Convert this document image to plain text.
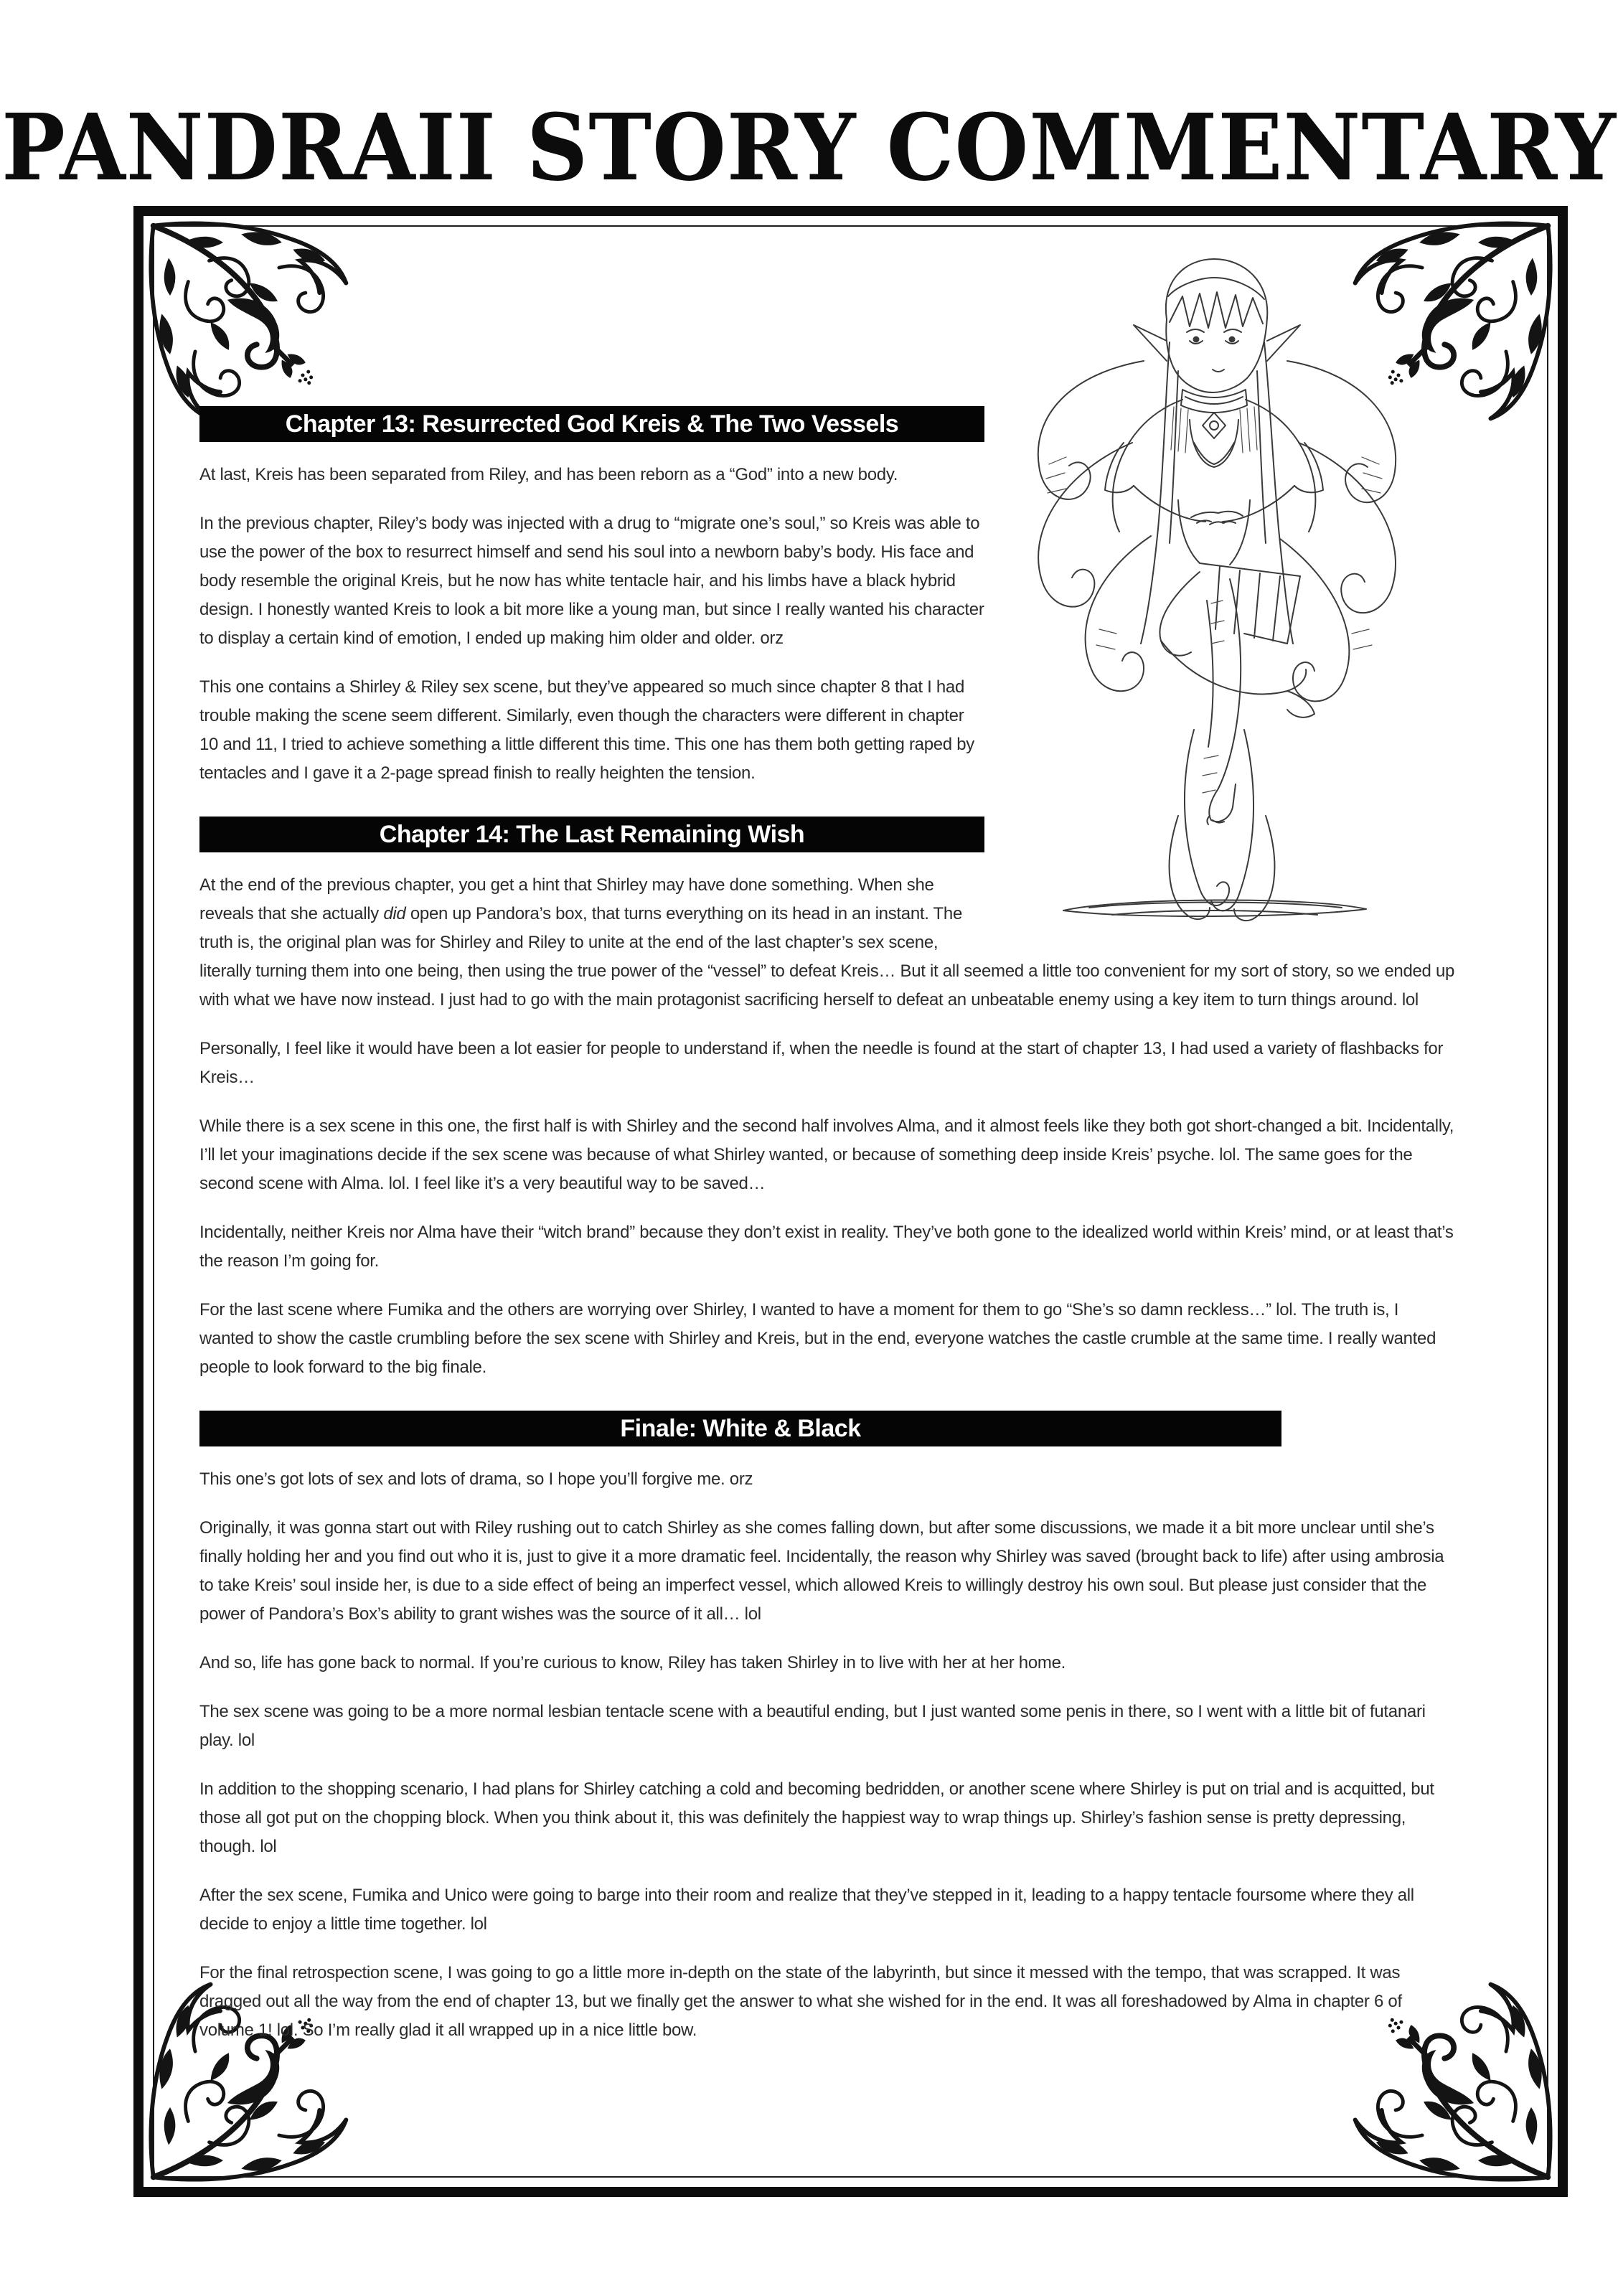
PANDRAII STORY COMMENTARY
Chapter 13: Resurrected God Kreis & The Two Vessels

At last, Kreis has been separated from Riley, and has been reborn as a “God” into a new body.

In the previous chapter, Riley’s body was injected with a drug to “migrate one’s soul,” so Kreis was able to use the power of the box to resurrect himself and send his soul into a newborn baby’s body. His face and body resemble the original Kreis, but he now has white tentacle hair, and his limbs have a black hybrid design. I honestly wanted Kreis to look a bit more like a young man, but since I really wanted his character to display a certain kind of emotion, I ended up making him older and older. orz

This one contains a Shirley & Riley sex scene, but they’ve appeared so much since chapter 8 that I had trouble making the scene seem different. Similarly, even though the characters were different in chapter 10 and 11, I tried to achieve something a little different this time. This one has them both getting raped by tentacles and I gave it a 2-page spread finish to really heighten the tension.

Chapter 14: The Last Remaining Wish

At the end of the previous chapter, you get a hint that Shirley may have done something. When she reveals that she actually did open up Pandora’s box, that turns everything on its head in an instant. The truth is, the original plan was for Shirley and Riley to unite at the end of the last chapter’s sex scene, literally turning them into one being, then using the true power of the “vessel” to defeat Kreis… But it all seemed a little too convenient for my sort of story, so we ended up with what we have now instead. I just had to go with the main protagonist sacrificing herself to defeat an unbeatable enemy using a key item to turn things around. lol

Personally, I feel like it would have been a lot easier for people to understand if, when the needle is found at the start of chapter 13, I had used a variety of flashbacks for Kreis…

While there is a sex scene in this one, the first half is with Shirley and the second half involves Alma, and it almost feels like they both got short-changed a bit. Incidentally, I’ll let your imaginations decide if the sex scene was because of what Shirley wanted, or because of something deep inside Kreis’ psyche. lol. The same goes for the second scene with Alma. lol. I feel like it’s a very beautiful way to be saved…

Incidentally, neither Kreis nor Alma have their “witch brand” because they don’t exist in reality. They’ve both gone to the idealized world within Kreis’ mind, or at least that’s the reason I’m going for.

For the last scene where Fumika and the others are worrying over Shirley, I wanted to have a moment for them to go “She’s so damn reckless…” lol. The truth is, I wanted to show the castle crumbling before the sex scene with Shirley and Kreis, but in the end, everyone watches the castle crumble at the same time. I really wanted people to look forward to the big finale.

Finale: White & Black

This one’s got lots of sex and lots of drama, so I hope you’ll forgive me. orz

Originally, it was gonna start out with Riley rushing out to catch Shirley as she comes falling down, but after some discussions, we made it a bit more unclear until she’s finally holding her and you find out who it is, just to give it a more dramatic feel. Incidentally, the reason why Shirley was saved (brought back to life) after using ambrosia to take Kreis’ soul inside her, is due to a side effect of being an imperfect vessel, which allowed Kreis to willingly destroy his own soul. But please just consider that the power of Pandora’s Box’s ability to grant wishes was the source of it all… lol

And so, life has gone back to normal. If you’re curious to know, Riley has taken Shirley in to live with her at her home.

The sex scene was going to be a more normal lesbian tentacle scene with a beautiful ending, but I just wanted some penis in there, so I went with a little bit of futanari play. lol

In addition to the shopping scenario, I had plans for Shirley catching a cold and becoming bedridden, or another scene where Shirley is put on trial and is acquitted, but those all got put on the chopping block. When you think about it, this was definitely the happiest way to wrap things up. Shirley’s fashion sense is pretty depressing, though. lol

After the sex scene, Fumika and Unico were going to barge into their room and realize that they’ve stepped in it, leading to a happy tentacle foursome where they all decide to enjoy a little time together. lol

For the final retrospection scene, I was going to go a little more in-depth on the state of the labyrinth, but since it messed with the tempo, that was scrapped. It was dragged out all the way from the end of chapter 13, but we finally get the answer to what she wished for in the end. It was all foreshadowed by Alma in chapter 6 of volume 1! lol. So I’m really glad it all wrapped up in a nice little bow.
